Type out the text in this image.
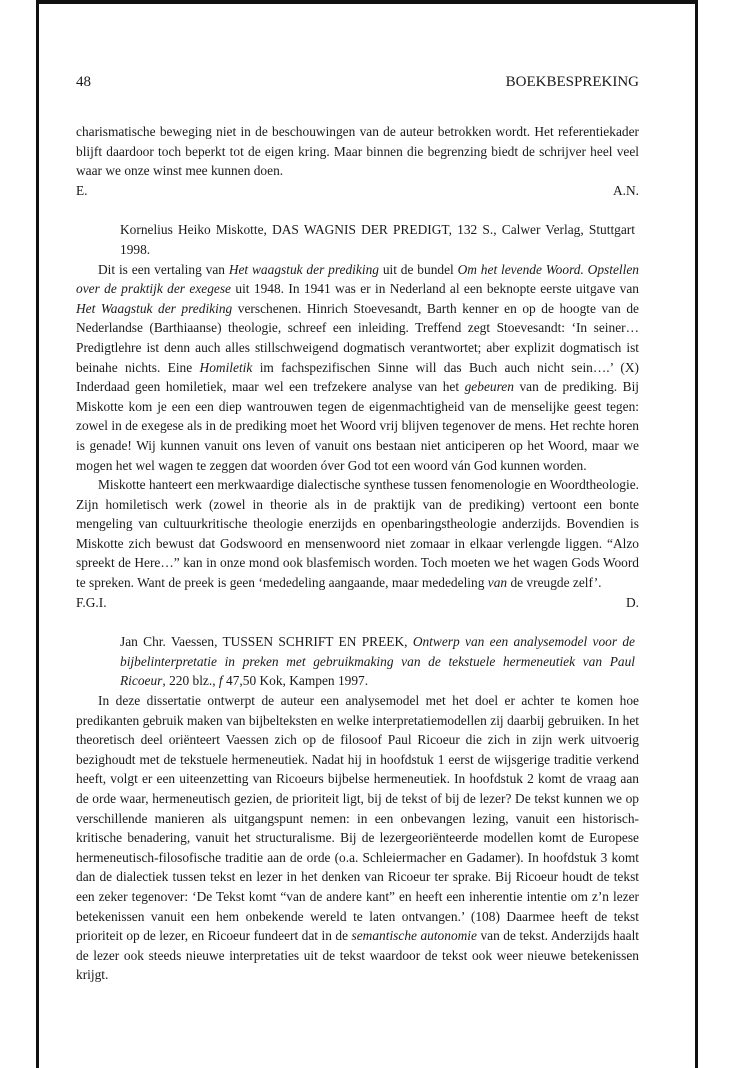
48	BOEKBESPREKING

charismatische beweging niet in de beschouwingen van de auteur betrokken wordt. Het referentiekader blijft daardoor toch beperkt tot de eigen kring. Maar binnen die begrenzing biedt de schrijver heel veel waar we onze winst mee kunnen doen.

E.	A.N.

Kornelius Heiko Miskotte, DAS WAGNIS DER PREDIGT, 132 S., Calwer Verlag, Stuttgart 1998.

Dit is een vertaling van Het waagstuk der prediking uit de bundel Om het levende Woord. Opstellen over de praktijk der exegese uit 1948. In 1941 was er in Nederland al een beknopte eerste uitgave van Het Waagstuk der prediking verschenen. Hinrich Stoevesandt, Barth kenner en op de hoogte van de Nederlandse (Barthiaanse) theologie, schreef een inleiding. Treffend zegt Stoevesandt: ‘In seiner… Predigtlehre ist denn auch alles stillschweigend dogmatisch verantwortet; aber explizit dogmatisch ist beinahe nichts. Eine Homiletik im fachspezifischen Sinne will das Buch auch nicht sein….’ (X) Inderdaad geen homiletiek, maar wel een trefzekere analyse van het gebeuren van de prediking. Bij Miskotte kom je een een diep wantrouwen tegen de eigenmachtigheid van de menselijke geest tegen: zowel in de exegese als in de prediking moet het Woord vrij blijven tegenover de mens. Het rechte horen is genade! Wij kunnen vanuit ons leven of vanuit ons bestaan niet anticiperen op het Woord, maar we mogen het wel wagen te zeggen dat woorden óver God tot een woord ván God kunnen worden.

Miskotte hanteert een merkwaardige dialectische synthese tussen fenomenologie en Woordtheologie. Zijn homiletisch werk (zowel in theorie als in de praktijk van de prediking) vertoont een bonte mengeling van cultuurkritische theologie enerzijds en openbaringstheologie anderzijds. Bovendien is Miskotte zich bewust dat Godswoord en mensenwoord niet zomaar in elkaar verlengde liggen. “Alzo spreekt de Here…” kan in onze mond ook blasfemisch worden. Toch moeten we het wagen Gods Woord te spreken. Want de preek is geen ‘mededeling aangaande, maar mededeling van de vreugde zelf’.

F.G.I.	D.

Jan Chr. Vaessen, TUSSEN SCHRIFT EN PREEK, Ontwerp van een analysemodel voor de bijbelinterpretatie in preken met gebruikmaking van de tekstuele hermeneutiek van Paul Ricoeur, 220 blz., f 47,50 Kok, Kampen 1997.

In deze dissertatie ontwerpt de auteur een analysemodel met het doel er achter te komen hoe predikanten gebruik maken van bijbelteksten en welke interpretatiemodellen zij daarbij gebruiken. In het theoretisch deel oriënteert Vaessen zich op de filosoof Paul Ricoeur die zich in zijn werk uitvoerig bezighoudt met de tekstuele hermeneutiek. Nadat hij in hoofdstuk 1 eerst de wijsgerige traditie verkend heeft, volgt er een uiteenzetting van Ricoeurs bijbelse hermeneutiek. In hoofdstuk 2 komt de vraag aan de orde waar, hermeneutisch gezien, de prioriteit ligt, bij de tekst of bij de lezer? De tekst kunnen we op verschillende manieren als uitgangspunt nemen: in een onbevangen lezing, vanuit een historisch-kritische benadering, vanuit het structuralisme. Bij de lezergeoriënteerde modellen komt de Europese hermeneutisch-filosofische traditie aan de orde (o.a. Schleiermacher en Gadamer). In hoofdstuk 3 komt dan de dialectiek tussen tekst en lezer in het denken van Ricoeur ter sprake. Bij Ricoeur houdt de tekst een zeker tegenover: ‘De Tekst komt “van de andere kant” en heeft een inherentie intentie om z’n lezer betekenissen vanuit een hem onbekende wereld te laten ontvangen.’ (108) Daarmee heeft de tekst prioriteit op de lezer, en Ricoeur fundeert dat in de semantische autonomie van de tekst. Anderzijds haalt de lezer ook steeds nieuwe interpretaties uit de tekst waardoor de tekst ook weer nieuwe betekenissen krijgt.
